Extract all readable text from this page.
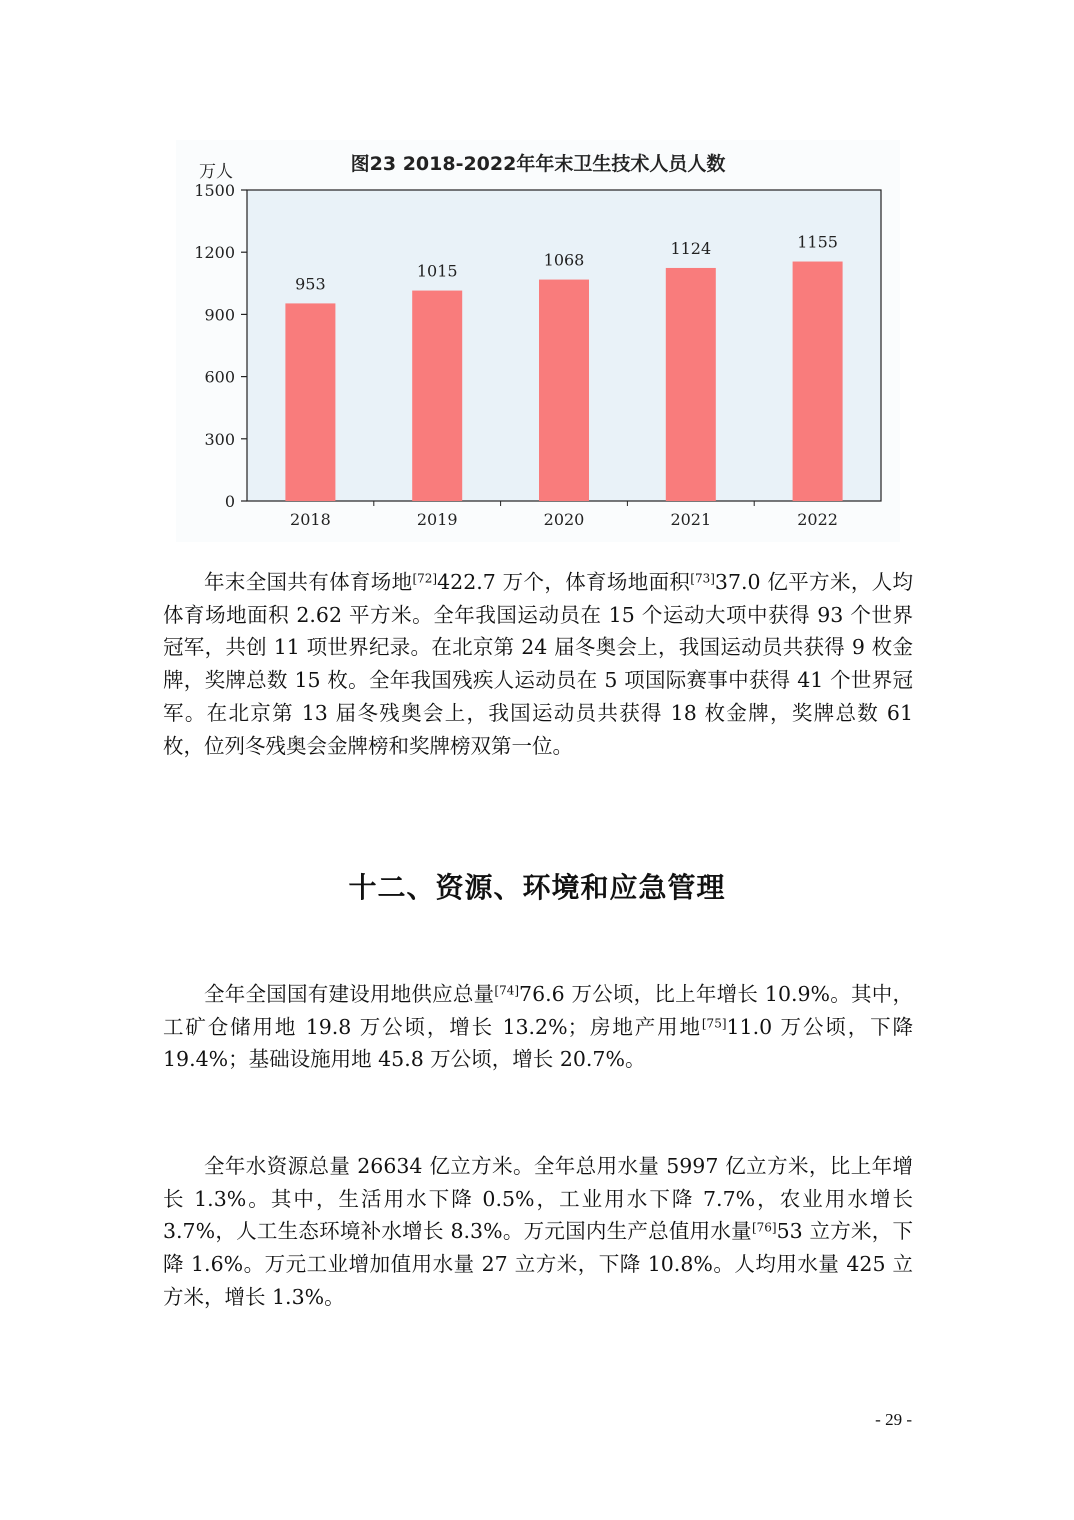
图23 2018-2022年年末卫生技术人员人数
万人
0
300
600
900
1200
1500
953
1015
1068
1124	1155
2018	2019	2020	2021	2022

年末全国共有体育场地[72]422.7 万个，体育场地面积[73]37.0 亿平方米，人均体育场地面积 2.62 平方米。全年我国运动员在 15 个运动大项中获得 93 个世界冠军，共创 11 项世界纪录。在北京第 24 届冬奥会上，我国运动员共获得 9 枚金牌，奖牌总数 15 枚。全年我国残疾人运动员在 5 项国际赛事中获得 41 个世界冠军。在北京第 13 届冬残奥会上，我国运动员共获得 18 枚金牌，奖牌总数 61 枚，位列冬残奥会金牌榜和奖牌榜双第一位。

十二、资源、环境和应急管理

全年全国国有建设用地供应总量[74]76.6 万公顷，比上年增长 10.9%。其中，工矿仓储用地 19.8 万公顷，增长 13.2%；房地产用地[75]11.0 万公顷，下降 19.4%；基础设施用地 45.8 万公顷，增长 20.7%。

全年水资源总量 26634 亿立方米。全年总用水量 5997 亿立方米，比上年增长 1.3%。其中，生活用水下降 0.5%，工业用水下降 7.7%，农业用水增长 3.7%，人工生态环境补水增长 8.3%。万元国内生产总值用水量[76]53 立方米，下降 1.6%。万元工业增加值用水量 27 立方米，下降 10.8%。人均用水量 425 立方米，增长 1.3%。

- 29 -
